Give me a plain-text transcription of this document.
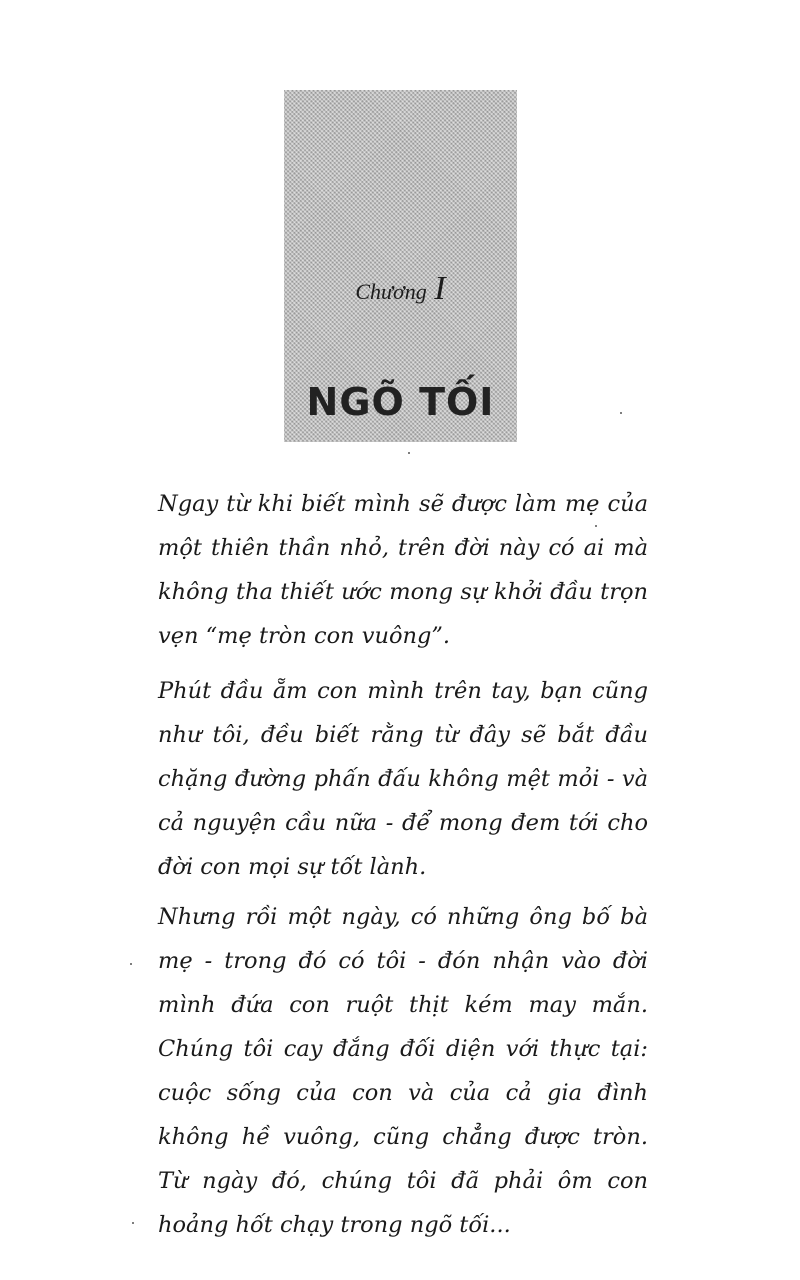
Chương I
NGÕ TỐI

Ngay từ khi biết mình sẽ được làm mẹ của một thiên thần nhỏ, trên đời này có ai mà không tha thiết ước mong sự khởi đầu trọn vẹn “mẹ tròn con vuông”.

Phút đầu ẵm con mình trên tay, bạn cũng như tôi, đều biết rằng từ đây sẽ bắt đầu chặng đường phấn đấu không mệt mỏi - và cả nguyện cầu nữa - để mong đem tới cho đời con mọi sự tốt lành.

Nhưng rồi một ngày, có những ông bố bà mẹ - trong đó có tôi - đón nhận vào đời mình đứa con ruột thịt kém may mắn. Chúng tôi cay đắng đối diện với thực tại: cuộc sống của con và của cả gia đình không hề vuông, cũng chẳng được tròn. Từ ngày đó, chúng tôi đã phải ôm con hoảng hốt chạy trong ngõ tối...
